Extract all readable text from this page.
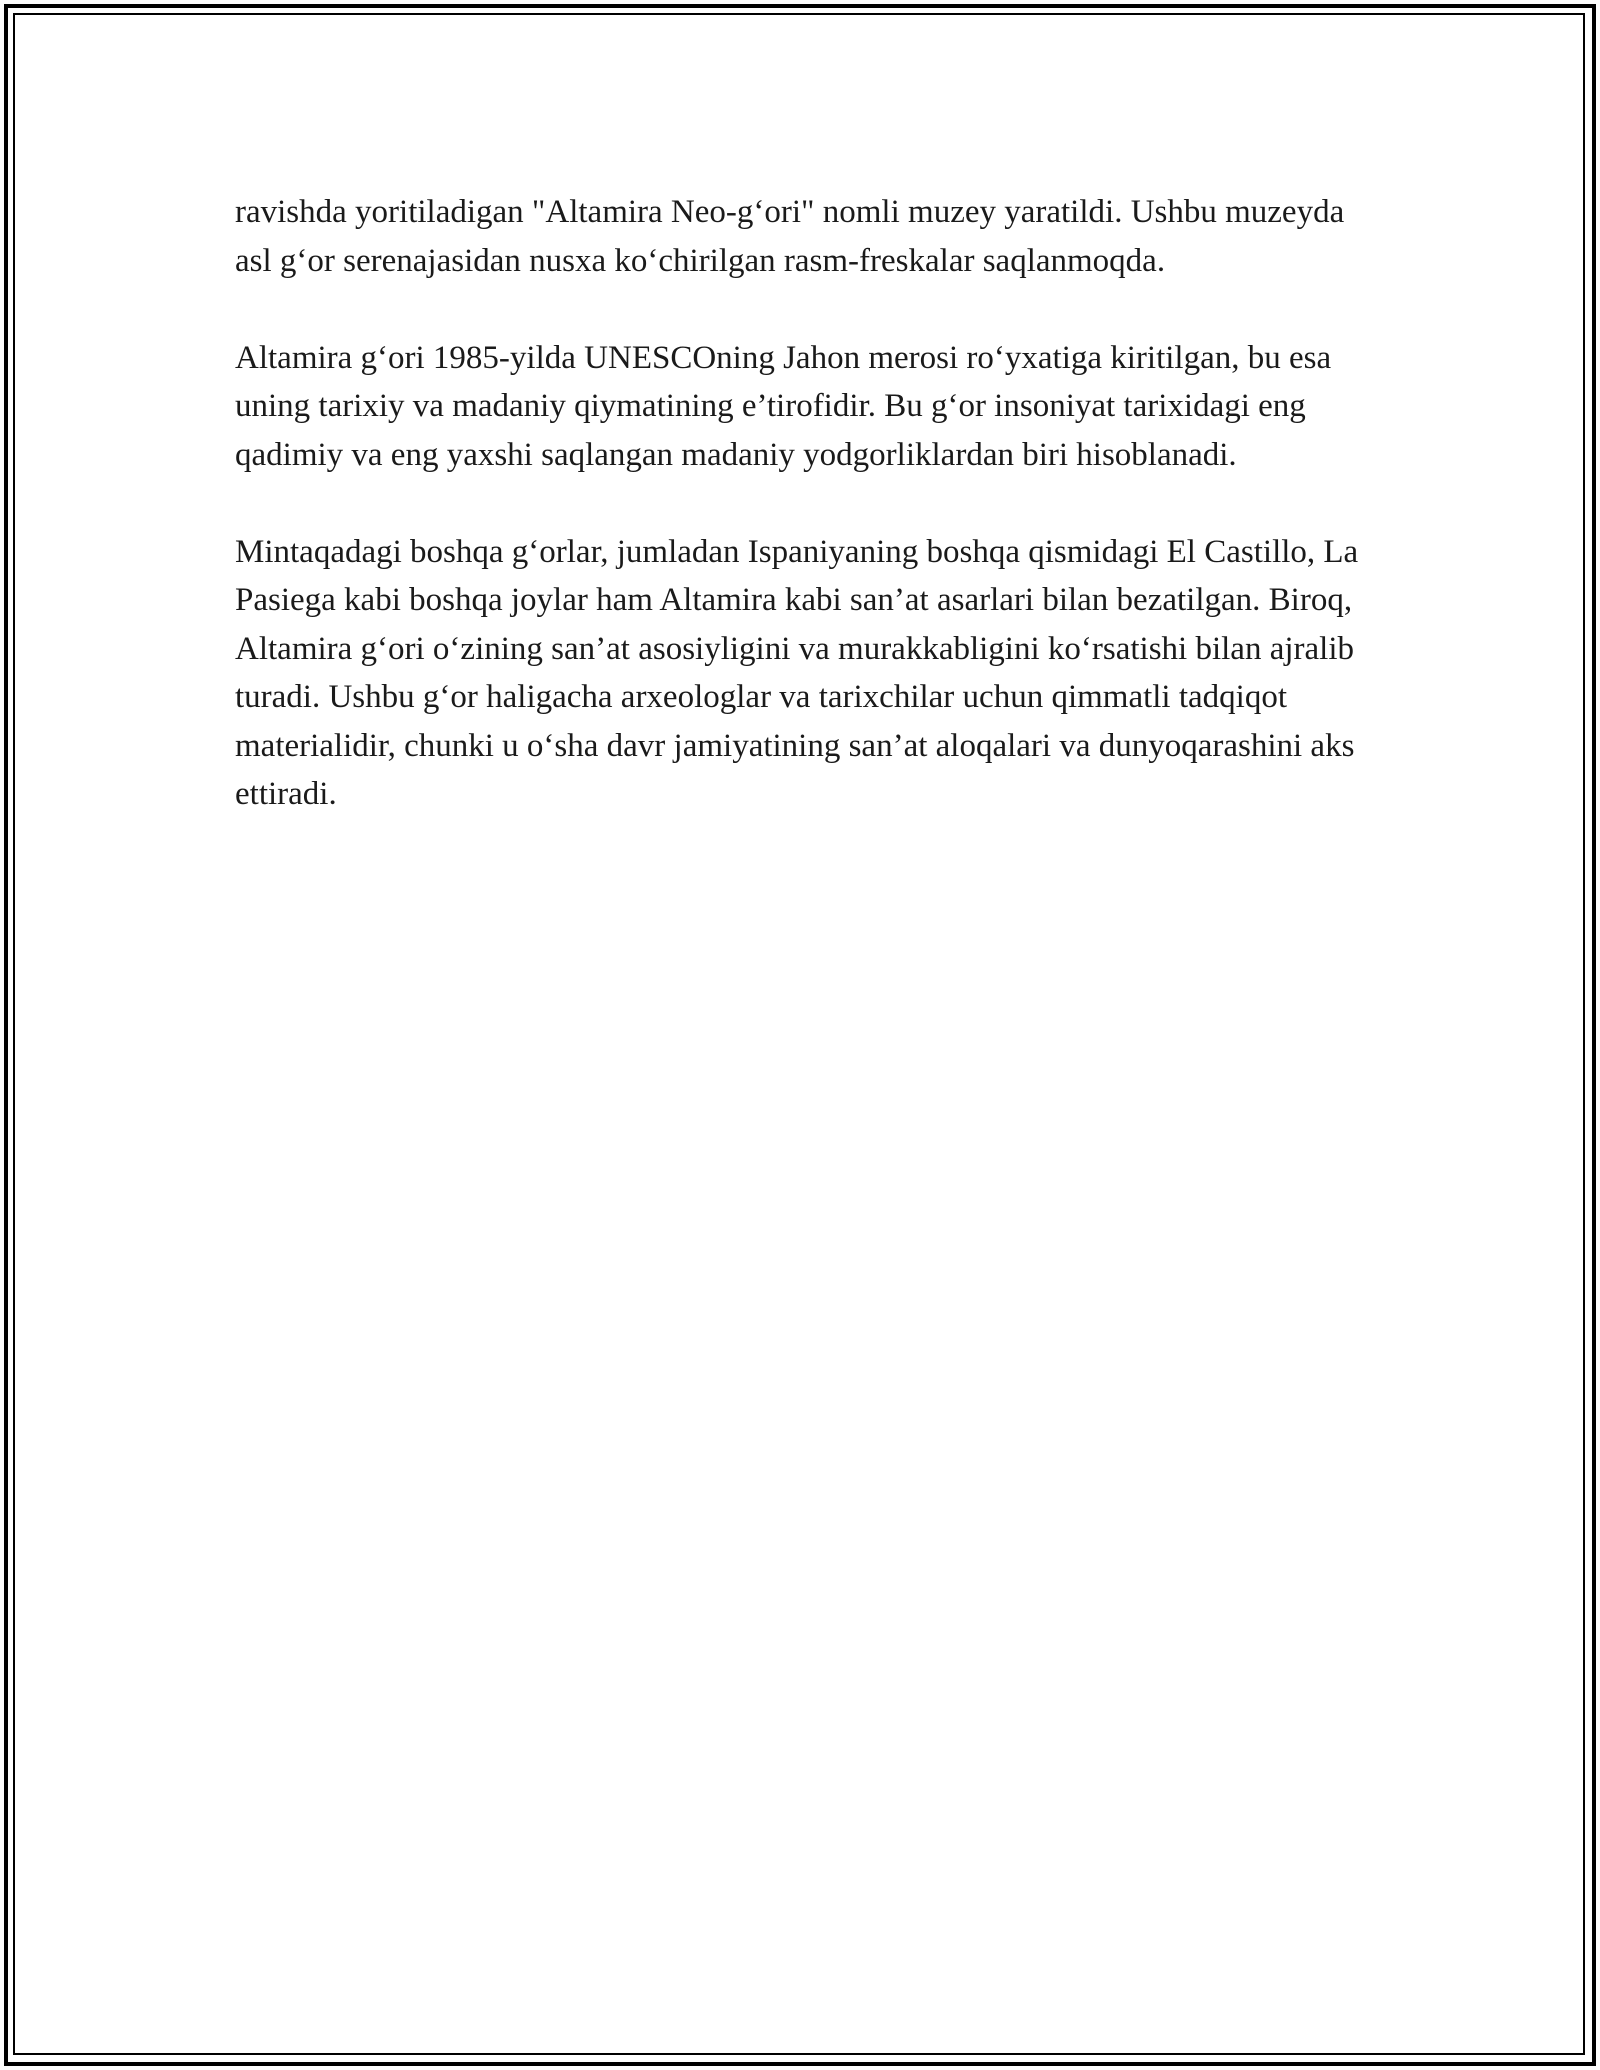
ravishda yoritiladigan "Altamira Neo-g‘ori" nomli muzey yaratildi. Ushbu muzeyda asl g‘or serenajasidan nusxa ko‘chirilgan rasm-freskalar saqlanmoqda.

Altamira g‘ori 1985-yilda UNESCOning Jahon merosi ro‘yxatiga kiritilgan, bu esa uning tarixiy va madaniy qiymatining e’tirofidir. Bu g‘or insoniyat tarixidagi eng qadimiy va eng yaxshi saqlangan madaniy yodgorliklardan biri hisoblanadi.

Mintaqadagi boshqa g‘orlar, jumladan Ispaniyaning boshqa qismidagi El Castillo, La Pasiega kabi boshqa joylar ham Altamira kabi san’at asarlari bilan bezatilgan. Biroq, Altamira g‘ori o‘zining san’at asosiyligini va murakkabligini ko‘rsatishi bilan ajralib turadi. Ushbu g‘or haligacha arxeologlar va tarixchilar uchun qimmatli tadqiqot materialidir, chunki u o‘sha davr jamiyatining san’at aloqalari va dunyoqarashini aks ettiradi.
